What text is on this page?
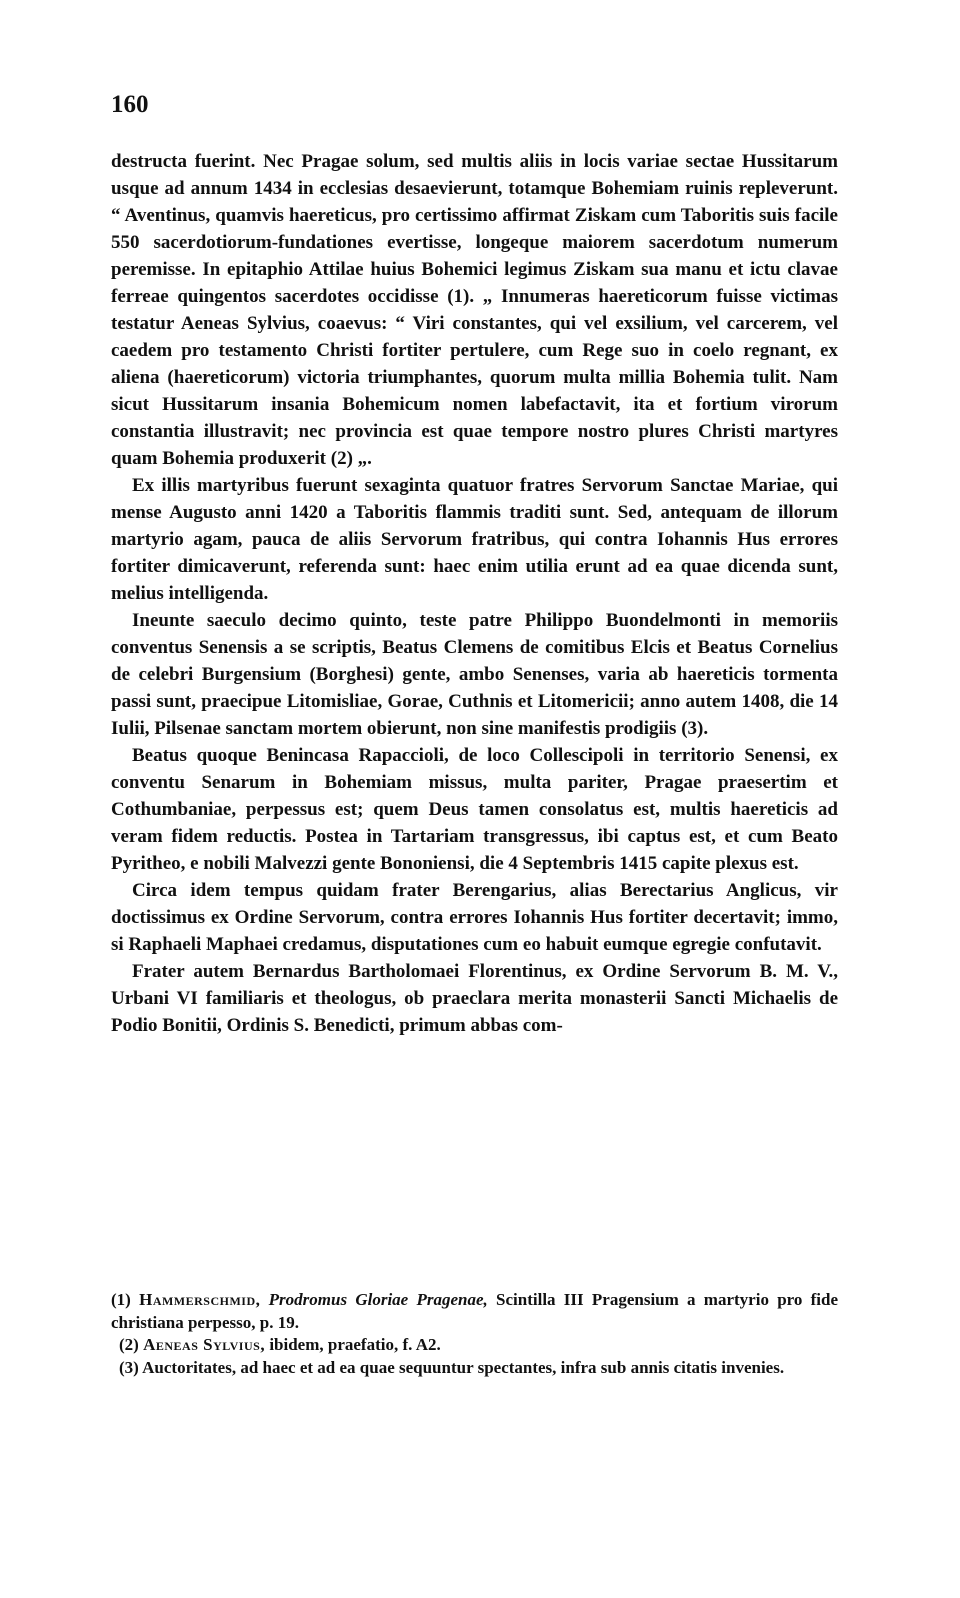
160

destructa fuerint. Nec Pragae solum, sed multis aliis in locis variae sectae Hussitarum usque ad annum 1434 in ecclesias desaevierunt, totamque Bohemiam ruinis repleverunt. “ Aventinus, quamvis haereticus, pro certissimo affirmat Ziskam cum Taboritis suis facile 550 sacerdotiorum-fundationes evertisse, longeque maiorem sacerdotum numerum peremisse. In epitaphio Attilae huius Bohemici legimus Ziskam sua manu et ictu clavae ferreae quingentos sacerdotes occidisse (1). „ Innumeras haereticorum fuisse victimas testatur Aeneas Sylvius, coaevus: “ Viri constantes, qui vel exsilium, vel carcerem, vel caedem pro testamento Christi fortiter pertulere, cum Rege suo in coelo regnant, ex aliena (haereticorum) victoria triumphantes, quorum multa millia Bohemia tulit. Nam sicut Hussitarum insania Bohemicum nomen labefactavit, ita et fortium virorum constantia illustravit; nec provincia est quae tempore nostro plures Christi martyres quam Bohemia produxerit (2) „.

Ex illis martyribus fuerunt sexaginta quatuor fratres Servorum Sanctae Mariae, qui mense Augusto anni 1420 a Taboritis flammis traditi sunt. Sed, antequam de illorum martyrio agam, pauca de aliis Servorum fratribus, qui contra Iohannis Hus errores fortiter dimicaverunt, referenda sunt: haec enim utilia erunt ad ea quae dicenda sunt, melius intelligenda.

Ineunte saeculo decimo quinto, teste patre Philippo Buondelmonti in memoriis conventus Senensis a se scriptis, Beatus Clemens de comitibus Elcis et Beatus Cornelius de celebri Burgensium (Borghesi) gente, ambo Senenses, varia ab haereticis tormenta passi sunt, praecipue Litomisliae, Gorae, Cuthnis et Litomericii; anno autem 1408, die 14 Iulii, Pilsenae sanctam mortem obierunt, non sine manifestis prodigiis (3).

Beatus quoque Benincasa Rapaccioli, de loco Collescipoli in territorio Senensi, ex conventu Senarum in Bohemiam missus, multa pariter, Pragae praesertim et Cothumbaniae, perpessus est; quem Deus tamen consolatus est, multis haereticis ad veram fidem reductis. Postea in Tartariam transgressus, ibi captus est, et cum Beato Pyritheo, e nobili Malvezzi gente Bononiensi, die 4 Septembris 1415 capite plexus est.

Circa idem tempus quidam frater Berengarius, alias Berectarius Anglicus, vir doctissimus ex Ordine Servorum, contra errores Iohannis Hus fortiter decertavit; immo, si Raphaeli Maphaei credamus, disputationes cum eo habuit eumque egregie confutavit.

Frater autem Bernardus Bartholomaei Florentinus, ex Ordine Servorum B. M. V., Urbani VI familiaris et theologus, ob praeclara merita monasterii Sancti Michaelis de Podio Bonitii, Ordinis S. Benedicti, primum abbas com-

(1) Hammerschmid, Prodromus Gloriae Pragenae, Scintilla III Pragensium a martyrio pro fide christiana perpesso, p. 19.

(2) Aeneas Sylvius, ibidem, praefatio, f. A2.

(3) Auctoritates, ad haec et ad ea quae sequuntur spectantes, infra sub annis citatis invenies.
